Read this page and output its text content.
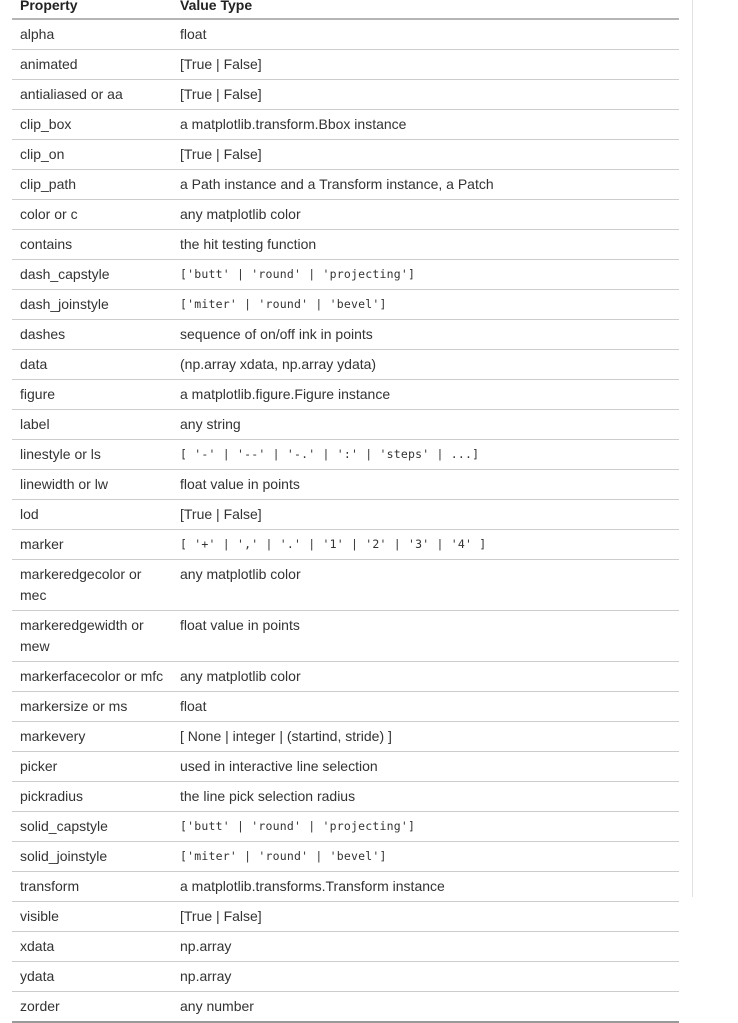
Property	Value Type
alpha	float
animated	[True | False]
antialiased or aa	[True | False]
clip_box	a matplotlib.transform.Bbox instance
clip_on	[True | False]
clip_path	a Path instance and a Transform instance, a Patch
color or c	any matplotlib color
contains	the hit testing function
dash_capstyle	['butt' | 'round' | 'projecting']
dash_joinstyle	['miter' | 'round' | 'bevel']
dashes	sequence of on/off ink in points
data	(np.array xdata, np.array ydata)
figure	a matplotlib.figure.Figure instance
label	any string
linestyle or ls	[ '-' | '--' | '-.' | ':' | 'steps' | ...]
linewidth or lw	float value in points
lod	[True | False]
marker	[ '+' | ',' | '.' | '1' | '2' | '3' | '4' ]
markeredgecolor or mec	any matplotlib color
markeredgewidth or mew	float value in points
markerfacecolor or mfc	any matplotlib color
markersize or ms	float
markevery	[ None | integer | (startind, stride) ]
picker	used in interactive line selection
pickradius	the line pick selection radius
solid_capstyle	['butt' | 'round' | 'projecting']
solid_joinstyle	['miter' | 'round' | 'bevel']
transform	a matplotlib.transforms.Transform instance
visible	[True | False]
xdata	np.array
ydata	np.array
zorder	any number
